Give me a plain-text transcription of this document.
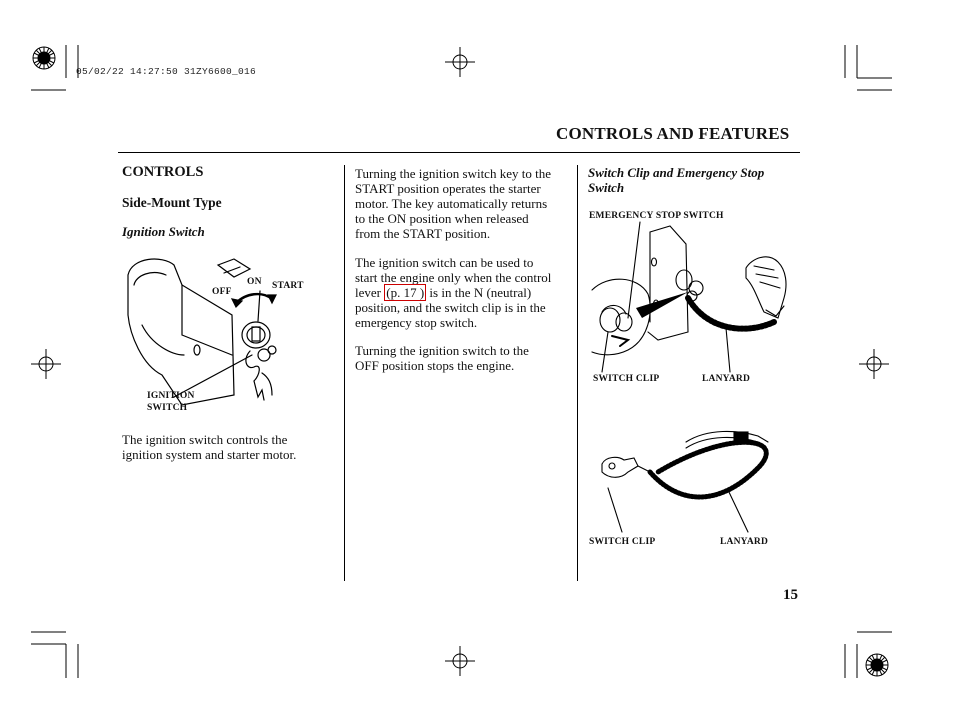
05/02/22 14:27:50 31ZY6600_016
CONTROLS AND FEATURES
CONTROLS
Side-Mount Type
Ignition Switch
ON
OFF
START
IGNITION
SWITCH
The ignition switch controls the
ignition system and starter motor.
Turning the ignition switch key to the
START position operates the starter
motor. The key automatically returns
to the ON position when released
from the START position.
The ignition switch can be used to
start the engine only when the control
lever (p. 17 ) is in the N (neutral)
position, and the switch clip is in the
emergency stop switch.
Turning the ignition switch to the
OFF position stops the engine.
Switch Clip and Emergency Stop
Switch
EMERGENCY STOP SWITCH
SWITCH CLIP	LANYARD
SWITCH CLIP	LANYARD
15
